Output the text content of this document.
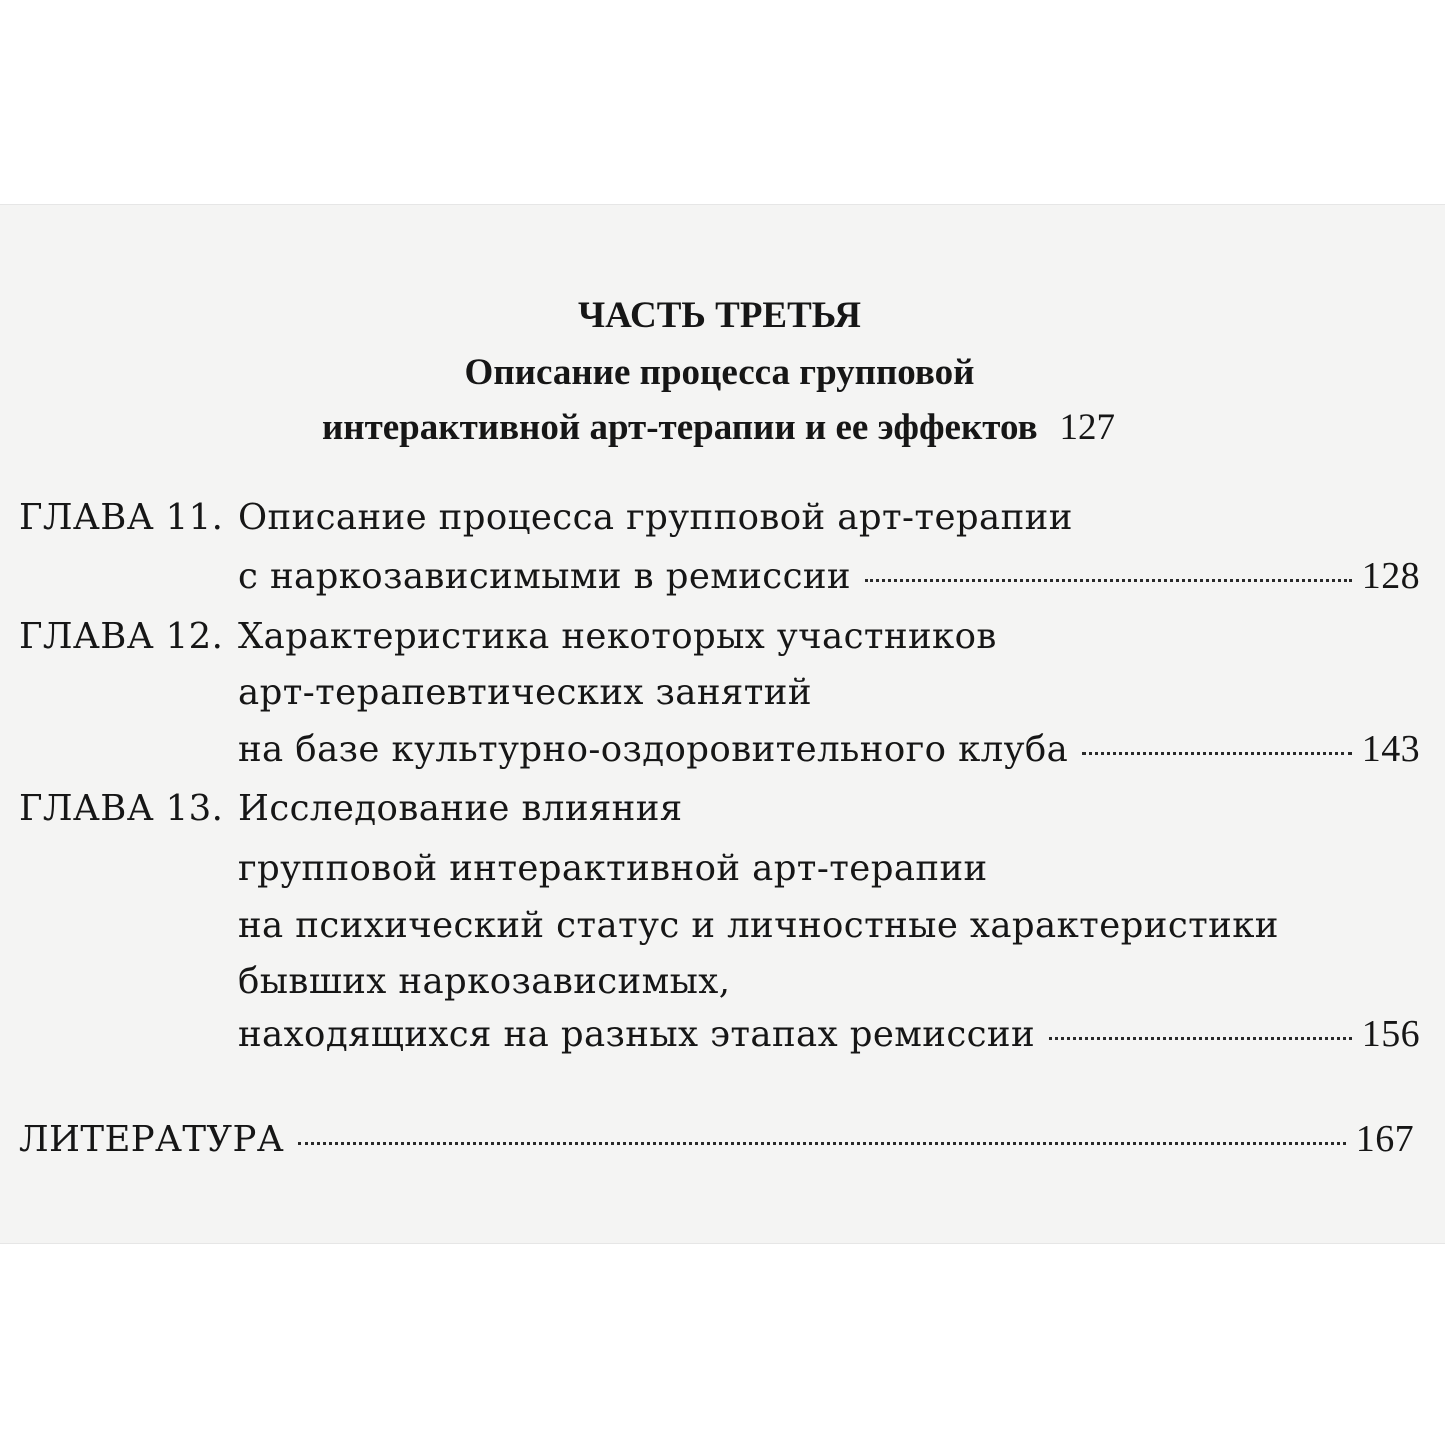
ЧАСТЬ ТРЕТЬЯ
Описание процесса групповой
интерактивной арт-терапии и ее эффектов 127
ГЛАВА 11. Описание процесса групповой арт-терапии
с наркозависимыми в ремиссии	128
ГЛАВА 12. Характеристика некоторых участников
арт-терапевтических занятий
на базе культурно-оздоровительного клуба	143
ГЛАВА 13. Исследование влияния
групповой интерактивной арт-терапии
на психический статус и личностные характеристики
бывших наркозависимых,
находящихся на разных этапах ремиссии	156
ЛИТЕРАТУРА	167
